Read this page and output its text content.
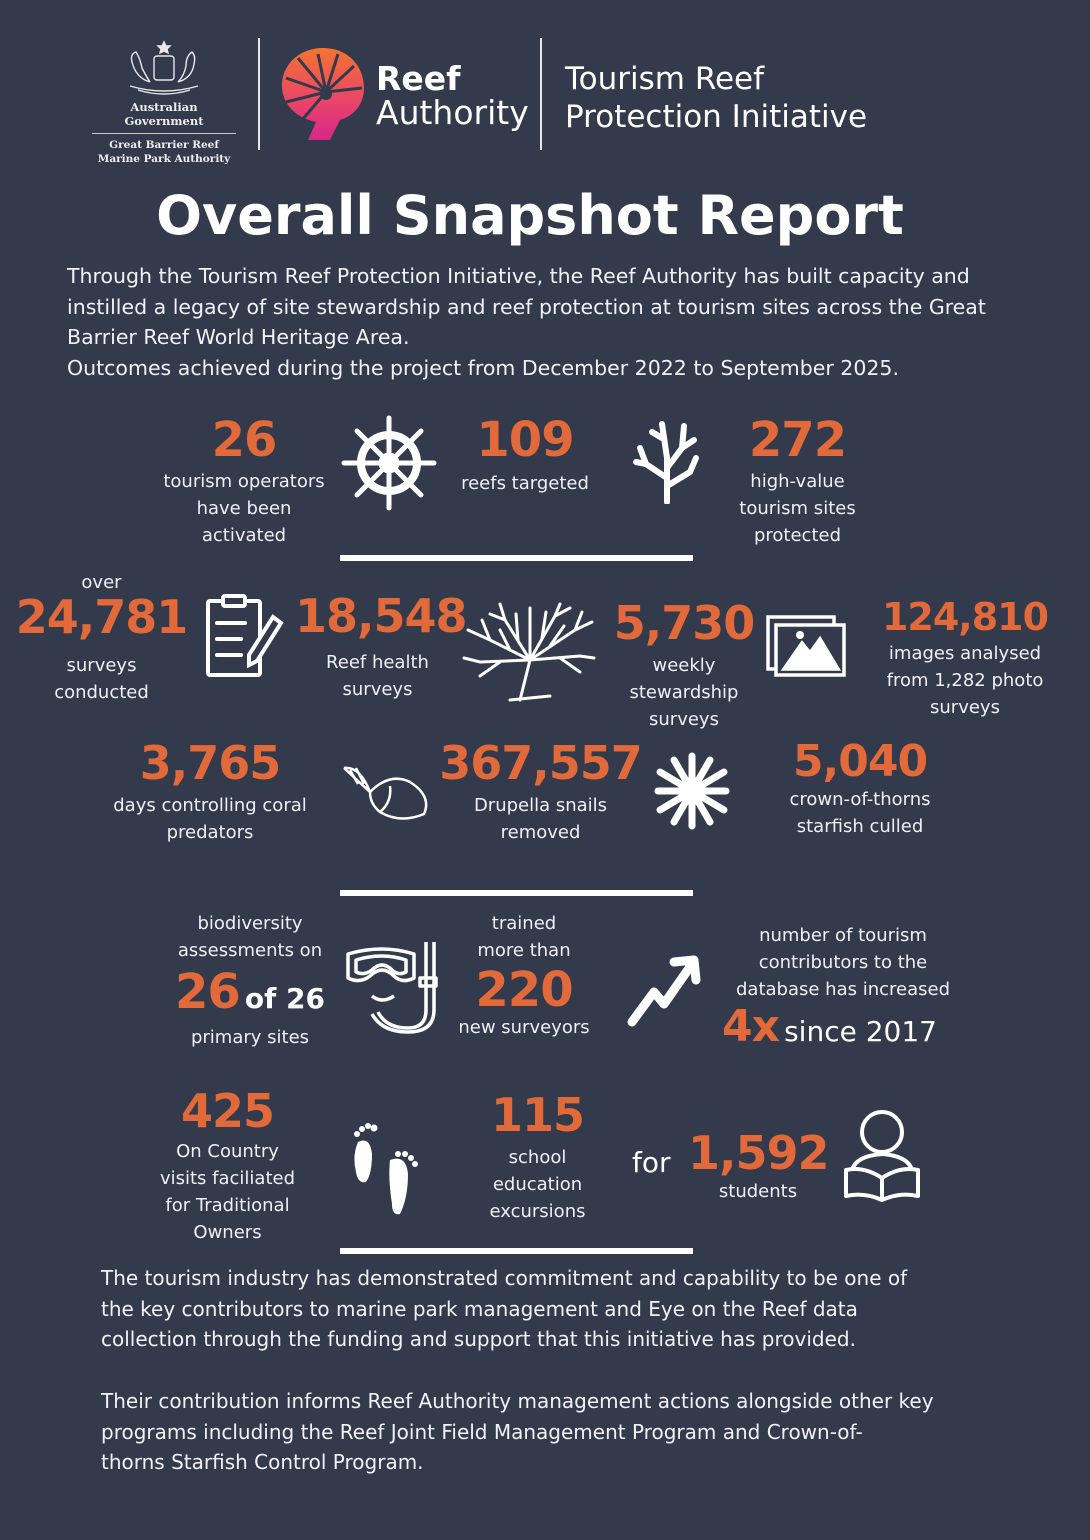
Australian Government
Great Barrier Reef
Marine Park Authority
Reef
Authority
Tourism Reef
Protection Initiative
Overall Snapshot Report
Through the Tourism Reef Protection Initiative, the Reef Authority has built capacity and
instilled a legacy of site stewardship and reef protection at tourism sites across the Great
Barrier Reef World Heritage Area.
Outcomes achieved during the project from December 2022 to September 2025.
26
tourism operators
have been
activated
109
reefs targeted
272
high-value
tourism sites
protected
over
24,781
surveys
conducted
18,548
Reef health
surveys
5,730
weekly
stewardship
surveys
124,810
images analysed
from 1,282 photo
surveys
3,765
days controlling coral
predators
367,557
Drupella snails
removed
5,040
crown-of-thorns
starfish culled
biodiversity
assessments on
26 of 26
primary sites
trained
more than
220
new surveyors
number of tourism
contributors to the
database has increased
4x since 2017
425
On Country
visits faciliated
for Traditional
Owners
115
school
education
excursions
for 1,592
students
The tourism industry has demonstrated commitment and capability to be one of
the key contributors to marine park management and Eye on the Reef data
collection through the funding and support that this initiative has provided.
Their contribution informs Reef Authority management actions alongside other key
programs including the Reef Joint Field Management Program and Crown-of-
thorns Starfish Control Program.
